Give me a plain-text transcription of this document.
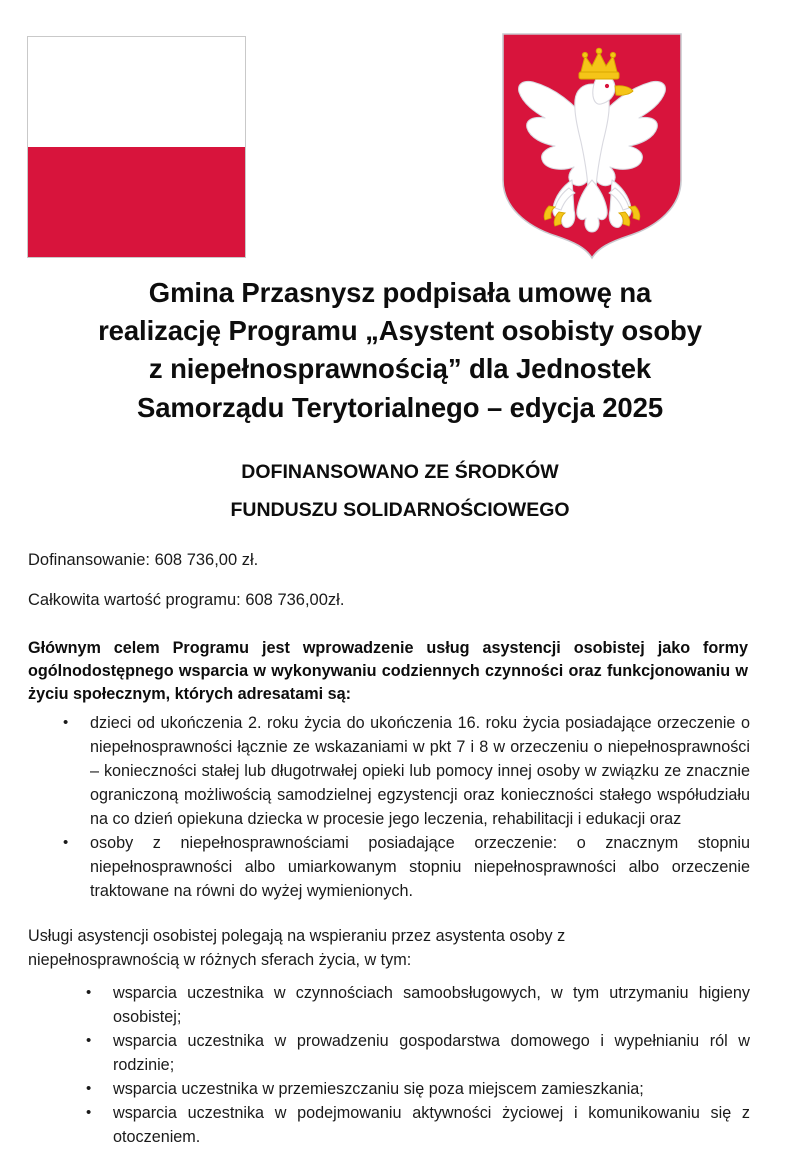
Gmina Przasnysz podpisała umowę na
realizację Programu „Asystent osobisty osoby
z niepełnosprawnością” dla Jednostek
Samorządu Terytorialnego – edycja 2025
DOFINANSOWANO ZE ŚRODKÓW
FUNDUSZU SOLIDARNOŚCIOWEGO
Dofinansowanie: 608 736,00 zł.
Całkowita wartość programu: 608 736,00zł.

Głównym celem Programu jest wprowadzenie usług asystencji osobistej jako formy ogólnodostępnego wsparcia w wykonywaniu codziennych czynności oraz funkcjonowaniu w życiu społecznym, których adresatami są:

• dzieci od ukończenia 2. roku życia do ukończenia 16. roku życia posiadające orzeczenie o niepełnosprawności łącznie ze wskazaniami w pkt 7 i 8 w orzeczeniu o niepełnosprawności – konieczności stałej lub długotrwałej opieki lub pomocy innej osoby w związku ze znacznie ograniczoną możliwością samodzielnej egzystencji oraz konieczności stałego współudziału na co dzień opiekuna dziecka w procesie jego leczenia, rehabilitacji i edukacji oraz
• osoby z niepełnosprawnościami posiadające orzeczenie: o znacznym stopniu niepełnosprawności albo umiarkowanym stopniu niepełnosprawności albo orzeczenie traktowane na równi do wyżej wymienionych.

Usługi asystencji osobistej polegają na wspieraniu przez asystenta osoby z
niepełnosprawnością w różnych sferach życia, w tym:

• wsparcia uczestnika w czynnościach samoobsługowych, w tym utrzymaniu higieny osobistej;
• wsparcia uczestnika w prowadzeniu gospodarstwa domowego i wypełnianiu ról w rodzinie;
• wsparcia uczestnika w przemieszczaniu się poza miejscem zamieszkania;
• wsparcia uczestnika w podejmowaniu aktywności życiowej i komunikowaniu się z otoczeniem.
